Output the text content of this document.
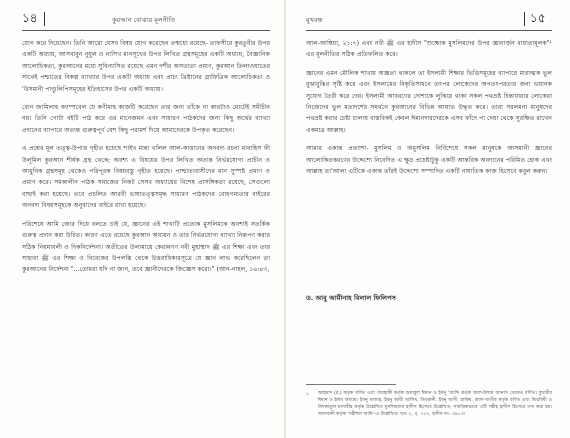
১৪	কুরআন বোঝার মূলনীতি

যোগ করে দিয়েছেন। তিনি আরো যেসব বিষয় যোগ করেছেন তন্মধ্যে রয়েছে- তাফসীরে কুরতুবীর উপর একটি অধ্যায়, আসবাবুন নুযুল ও নাসিখ মানসূখের উপর লিখিত গ্রন্থসমূহের একটি অধ্যায়, বৈজ্ঞানিক আলোচিকতা, কুরআনের মধ্যে সুবিন্যাসিত রয়েছে এমন দর্শীর অসত্যতা প্রমাণ, কুরআন তিলাওয়াতের সাথেই পশ্চাতের বিকল্প ব্যাখ্যার উপর একটি অধ্যায় এবং প্রাচ্য খ্রিষ্টানের গ্রাফিত্রিক আলোচিকতা ও 'উসমানী পাণ্ডুলিপিসমূহের ইতিহাসের উপর একটি অধ্যায়।

বোন জামিলাহ ক্যাম্পবেল যে কণীমাহ কাজটি করেছেন তার জন্য তাঁকে না কারটাও মোটেই সমীচীন নয়। তিনি গোটা বইটি পাঠ করে এর মানেজমন এবং সাধারণ পাঠকদের জন্য কিছু অর্থের ব্যাখ্যা প্রদানের ব্যাপারে অত্যন্ত গুরুত্বপূর্ণ বেশ কিছু পরামর্শ দিয়ে আমাদেরকে উপকৃত করেছেন।

এ প্রশ্নের মূল তত্ত্ব-উপাত্ত গৃহীত হয়েছে শাইখ মান্না খলিল আল-কাত্তানের অনবদ্য রচনা মাবাহিস ফী উলূমিল কুরআন শীর্ষক গ্রন্থ থেকে; অবশ্য এ বিষয়ের উপর লিখিত অত্যন্ত নির্ভরযোগ্য প্রাচীন ও আধুনিক গ্রন্থসমূহ থেকেও পরিপূরক বিষয়বস্তু গৃহীত হয়েছে। পাশ্চাত্যবাসীদের মান সুস্পষ্ট প্রমাণ ও প্রমাণ করে। সমকালীন পাঠক সমাজের নিকট সেসব অধ্যায়ের বিশেষ প্রাসঙ্গিকতা রয়েছে, সেগুলো বাছাই করা হয়েছে। তবে প্রচলিত আরবী ভাষাতত্ত্বসমৃদ্ধ সাধারণ পাঠকদের বোধগম্যতার বাইরের অনবদ্য বিষয়সমূহকে অনুবাদের বাইরে রাখা হয়েছে।

পরিশেষে আমি জোর দিয়ে বলতে চাই যে, জ্ঞানের এই শাখাটি প্রত্যেক মুসলিমকে অবশ্যই সতর্কিক গুরুত্ব প্রদান করা উচিত। কারণ এতে রয়েছে কুরআন অধ্যয়ন ও তার নির্ভরযোগ্য ব্যাখ্যা নিরূপণ করার সঠিক নিয়মাবলী ও দিকনির্দেশনা। অতীতের উলামায়ে কেরামগণ নবী মুহাম্মাদ ﷺ এর শিক্ষা এবং তার সাহাবা ﷺ এর শিক্ষা ও বিবেকের উপলব্ধি থেকে উত্তরাধিকারসূত্রে যে জ্ঞান লাভ করেছিলেন তা কুরআনের নির্দেশনা "...তোমরা যদি না জান, তবে জ্ঞানীদেরকে জিজ্ঞেস করো।" (আন-নাহল, ১৬:৪৩,

মুখবন্ধ	১৫

আল-আম্বিয়া, ২১:৭) এবং নবী ﷺ এর হাদীস "শুক্ষোক মুসলিমদের উপর জ্ঞানার্জন বাধ্যতামূলক"¹ এর মূলনীতির সঠিক প্রতিফলিত করে।

জ্ঞানের এমন মৌলিক শাখায় অজ্ঞতা থাকলে তা ইসলামী শিক্ষার ভিত্তিসমূহের ব্যাপারে মারাত্মক ভুল বুঝাবুঝির সৃষ্টি করে এবং ইসলামের বিকৃতিসাধনে তৎপর লোকেদের অপতৎপরতার জন্য ভয়ানক সুযোগ তৈরী করে দেয়। ইসলামী আবরণের দোশাকে লুকিয়ে থাকা সকল পথভ্রষ্ট চিন্তাধারার লোকেরা নিজেদের ভুল মতাদর্শের সমর্থনে কুরআনের বিভিন্ন আয়াত উদ্ধৃত করে। তারা সরলমনা মানুষদের পথভ্রষ্ট করার চেষ্টা চালায় বাস্তবিকই কেবল ঈমানদারদেরকে এসব ফাঁদে পা দেয়া থেকে সুরক্ষিত রাখেন একমাত্র আল্লাহ।

আমার একান্ত প্রত্যাশা- মুসলিম ও অমুসলিম নির্বিশেষে সকল মানুষকে আসমানী জ্ঞানের আলোকিতকরণের উদ্দেশ্যে নিবেদিত এ ক্ষুদ্র প্রচেষ্টাটুকু একটি আন্তরিক অবদানের পরিমিত হোক এবং আল্লাহ তা'আলা এটিকে একান্ত তাঁরই উদ্দেশ্যে সম্পাদিত একটি নাযাতিক কাজ হিসেবে কবুল করুন।

ড. আবু আমীনাহ বিলাল ফিলিপস
১ আহমাদ (র.) কর্তৃক বর্ণিত এবং বায়হাকী কর্তৃক শুয়াবুল ঈমান ও ইবনু 'আব্দি কর্তৃক আল-ইলমে আনাস থেকেও বর্ণিত। বুখারীর ঈমান ও ইলম অধ্যায়। ইবনু মাজাহ, ইবনু আবী আসিম, তিবরানী, ইবনু আদী, হাকিম, আল-খাতীব কর্তৃক বর্ণিত এবং তিরমিযী ও মিশকাতুল মাসাবীহ কর্তৃক উল্লেখিত মুসলিমদের হাদীস হিসেবে উল্লেখিত; সামগ্রিকভাবে এটি সহীহ হাদীস হিসেবে গণ্য করা হয়। আলবানী কর্তৃক 'সহীহুল জামি'-এ উল্লেখিত। খণ্ড ২, পৃ. ৭২৭, হাদীস নং: ৩৯১৩।
